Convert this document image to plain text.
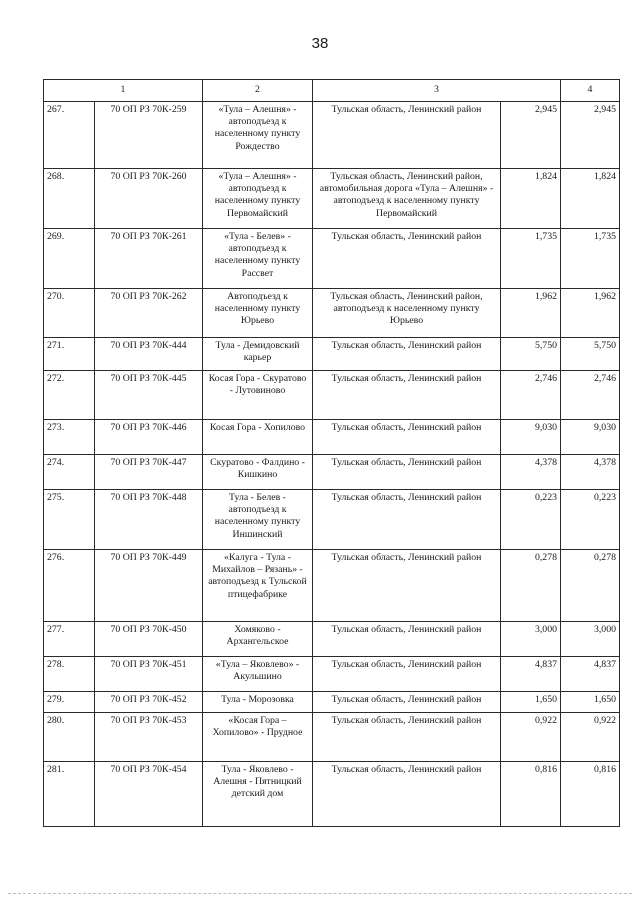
38
1		2	3		4
267.	70 ОП РЗ 70К-259	«Тула – Алешня» - автоподъезд к населенному пункту Рождество	Тульская область, Ленинский район	2,945	2,945
268.	70 ОП РЗ 70К-260	«Тула – Алешня» - автоподъезд к населенному пункту Первомайский	Тульская область, Ленинский район, автомобильная дорога «Тула – Алешня» - автоподъезд к населенному пункту Первомайский	1,824	1,824
269.	70 ОП РЗ 70К-261	«Тула - Белев» - автоподъезд к населенному пункту Рассвет	Тульская область, Ленинский район	1,735	1,735
270.	70 ОП РЗ 70К-262	Автоподъезд к населенному пункту Юрьево	Тульская область, Ленинский район, автоподъезд к населенному пункту Юрьево	1,962	1,962
271.	70 ОП РЗ 70К-444	Тула - Демидовский карьер	Тульская область, Ленинский район	5,750	5,750
272.	70 ОП РЗ 70К-445	Косая Гора - Скуратово - Лутовиново	Тульская область, Ленинский район	2,746	2,746
273.	70 ОП РЗ 70К-446	Косая Гора - Хопилово	Тульская область, Ленинский район	9,030	9,030
274.	70 ОП РЗ 70К-447	Скуратово - Фалдино - Кишкино	Тульская область, Ленинский район	4,378	4,378
275.	70 ОП РЗ 70К-448	Тула - Белев - автоподъезд к населенному пункту Иншинский	Тульская область, Ленинский район	0,223	0,223
276.	70 ОП РЗ 70К-449	«Калуга - Тула - Михайлов – Рязань» - автоподъезд к Тульской птицефабрике	Тульская область, Ленинский район	0,278	0,278
277.	70 ОП РЗ 70К-450	Хомяково - Архангельское	Тульская область, Ленинский район	3,000	3,000
278.	70 ОП РЗ 70К-451	«Тула – Яковлево» - Акульшино	Тульская область, Ленинский район	4,837	4,837
279.	70 ОП РЗ 70К-452	Тула - Морозовка	Тульская область, Ленинский район	1,650	1,650
280.	70 ОП РЗ 70К-453	«Косая Гора – Хопилово» - Прудное	Тульская область, Ленинский район	0,922	0,922
281.	70 ОП РЗ 70К-454	Тула - Яковлево - Алешня - Пятницкий детский дом	Тульская область, Ленинский район	0,816	0,816
